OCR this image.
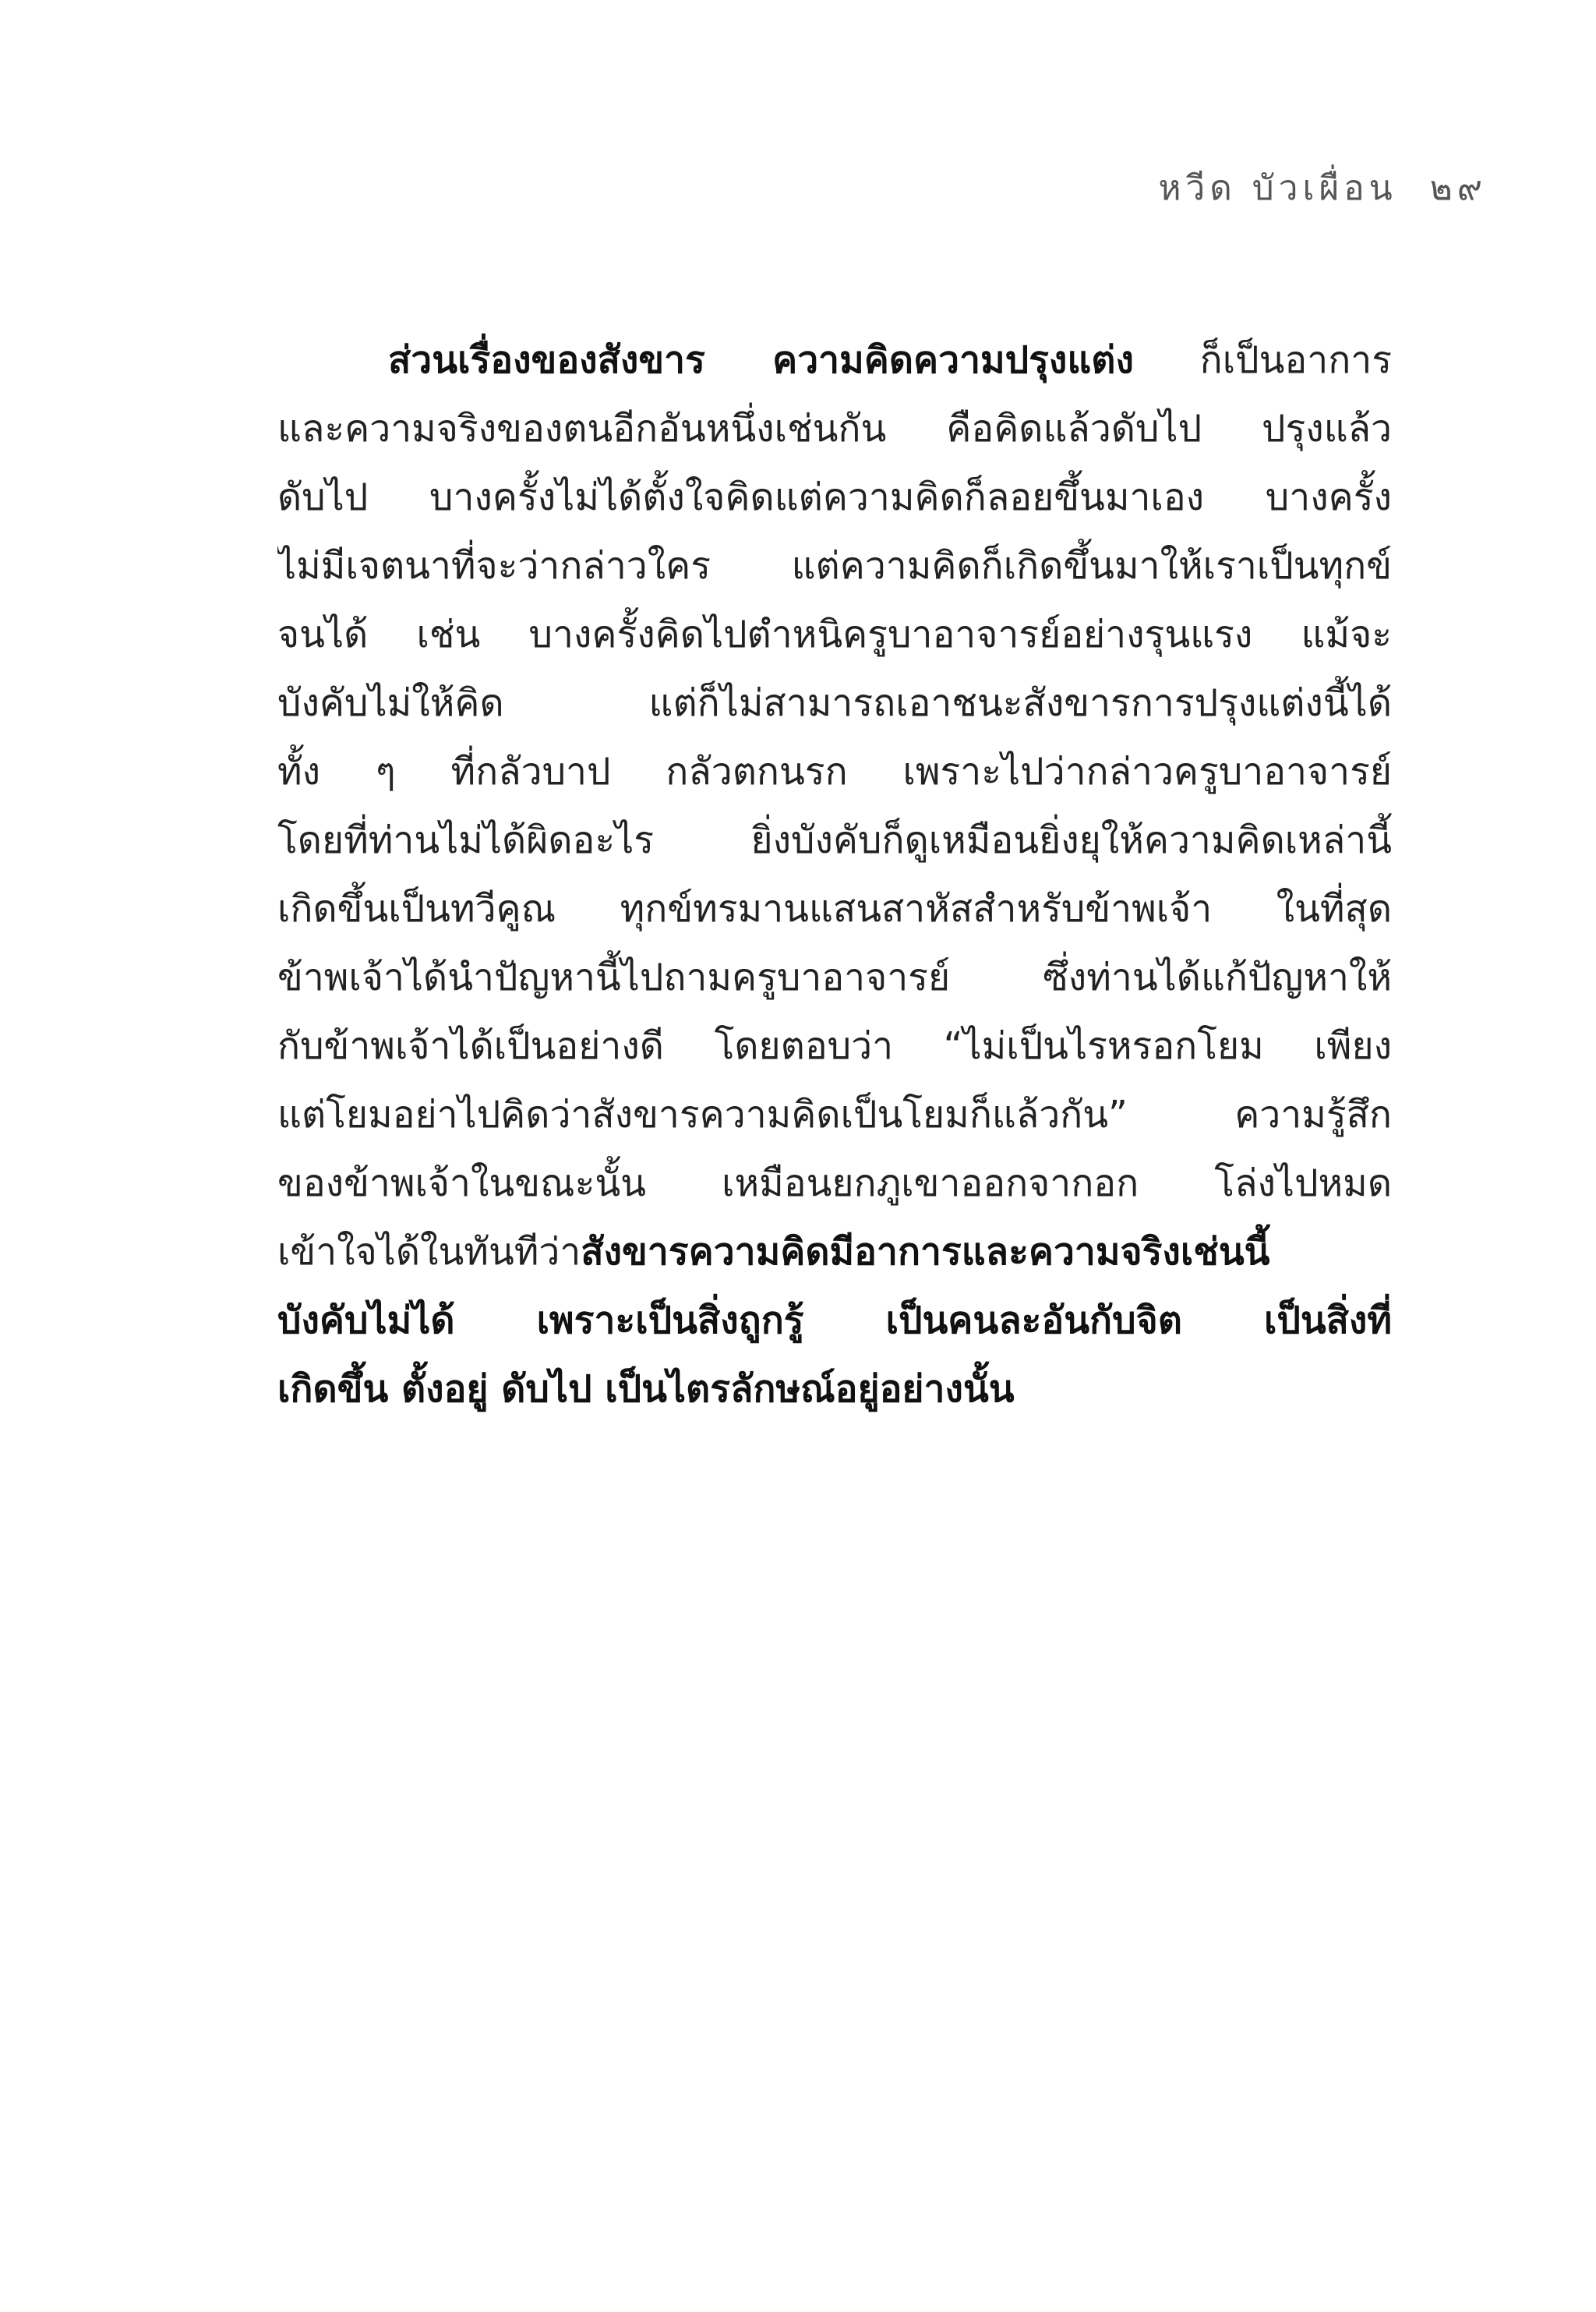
หวีด บัวเผื่อน ๒๙
ส่วนเรื่องของสังขาร ความคิดความปรุงแต่ง ก็เป็นอาการ
และความจริงของตนอีกอันหนึ่งเช่นกัน คือคิดแล้วดับไป ปรุงแล้ว
ดับไป บางครั้งไม่ได้ตั้งใจคิดแต่ความคิดก็ลอยขึ้นมาเอง บางครั้ง
ไม่มีเจตนาที่จะว่ากล่าวใคร แต่ความคิดก็เกิดขึ้นมาให้เราเป็นทุกข์
จนได้ เช่น บางครั้งคิดไปตำหนิครูบาอาจารย์อย่างรุนแรง แม้จะ
บังคับไม่ให้คิด แต่ก็ไม่สามารถเอาชนะสังขารการปรุงแต่งนี้ได้
ทั้ง ๆ ที่กลัวบาป กลัวตกนรก เพราะไปว่ากล่าวครูบาอาจารย์
โดยที่ท่านไม่ได้ผิดอะไร ยิ่งบังคับก็ดูเหมือนยิ่งยุให้ความคิดเหล่านี้
เกิดขึ้นเป็นทวีคูณ ทุกข์ทรมานแสนสาหัสสำหรับข้าพเจ้า ในที่สุด
ข้าพเจ้าได้นำปัญหานี้ไปถามครูบาอาจารย์ ซึ่งท่านได้แก้ปัญหาให้
กับข้าพเจ้าได้เป็นอย่างดี โดยตอบว่า “ไม่เป็นไรหรอกโยม เพียง
แต่โยมอย่าไปคิดว่าสังขารความคิดเป็นโยมก็แล้วกัน” ความรู้สึก
ของข้าพเจ้าในขณะนั้น เหมือนยกภูเขาออกจากอก โล่งไปหมด
เข้าใจได้ในทันทีว่าสังขารความคิดมีอาการและความจริงเช่นนี้
บังคับไม่ได้ เพราะเป็นสิ่งถูกรู้ เป็นคนละอันกับจิต เป็นสิ่งที่
เกิดขึ้น ตั้งอยู่ ดับไป เป็นไตรลักษณ์อยู่อย่างนั้น
